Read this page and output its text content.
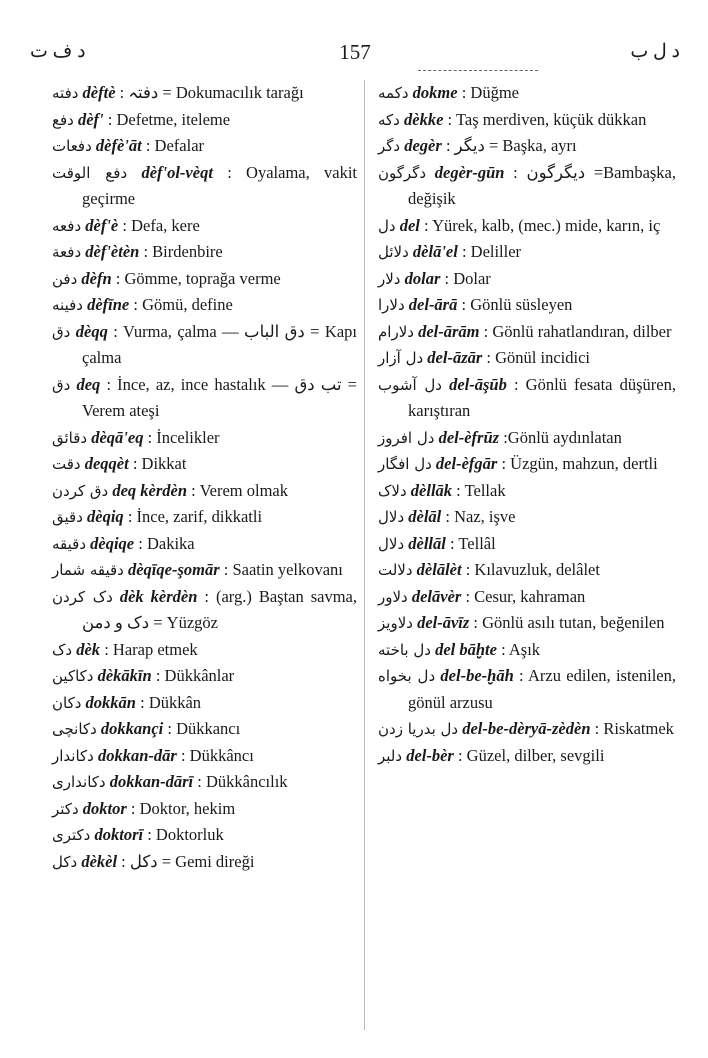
د ف ت	157	د ل ب
دفته dèftè : دفتہ = Dokumacılık tarağı
دفع dèf' : Defetme, iteleme
دفعات dèfè'āt : Defalar
دفع الوقت dèf'ol-vèqt : Oyalama, vakit geçirme
دفعه dèf'è : Defa, kere
دفعة dèf'ètèn : Birdenbire
دفن dèfn : Gömme, toprağa verme
دفينه dèfīne : Gömü, define
دق dèqq : Vurma, çalma — دق الباب = Kapı çalma
دق deq : İnce, az, ince hastalık — تب دق = Verem ateşi
دقائق dèqā'eq : İncelikler
دقت deqqèt : Dikkat
دق كردن deq kèrdèn : Verem olmak
دقيق dèqiq : İnce, zarif, dikkatli
دقيقه dèqiqe : Dakika
دقيقه شمار dèqīqe-şomār : Saatin yelkovanı
دک کردن dèk kèrdèn : (arg.) Baştan savma, دک و دمن = Yüzgöz
دک dèk : Harap etmek
دکاکین dèkākīn : Dükkânlar
دکان dokkān : Dükkân
دکانچی dokkançi : Dükkancı
دکاندار dokkan-dār : Dükkâncı
دکانداری dokkan-dārī : Dükkâncılık
دکتر doktor : Doktor, hekim
دکتری doktorī : Doktorluk
دکل dèkèl : دکل = Gemi direği
دکمه dokme : Düğme
دکه dèkke : Taş merdiven, küçük dükkan
دگر degèr : دیگر = Başka, ayrı
دگرگون degèr-gūn : دیگرگون =Bambaşka, değişik
دل del : Yürek, kalb, (mec.) mide, karın, iç
دلائل dèlā'el : Deliller
دلار dolar : Dolar
دلارا del-ārā : Gönlü süsleyen
دلارام del-ārām : Gönlü rahatlandıran, dilber
دل آزار del-āzār : Gönül incidici
دل آشوب del-āşūb : Gönlü fesata düşüren, karıştıran
دل افروز del-èfrūz :Gönlü aydınlatan
دل افگار del-èfgār : Üzgün, mahzun, dertli
دلاک dèllāk : Tellak
دلال dèlāl : Naz, işve
دلال dèllāl : Tellâl
دلالت dèlālèt : Kılavuzluk, delâlet
دلاور delāvèr : Cesur, kahraman
دلاویز del-āvīz : Gönlü asılı tutan, beğenilen
دل باخته del bāḫte : Aşık
دل بخواه del-be-ḫāh : Arzu edilen, istenilen, gönül arzusu
دل بدریا زدن del-be-dèryā-zèdèn : Riskatmek
دلبر del-bèr : Güzel, dilber, sevgili
